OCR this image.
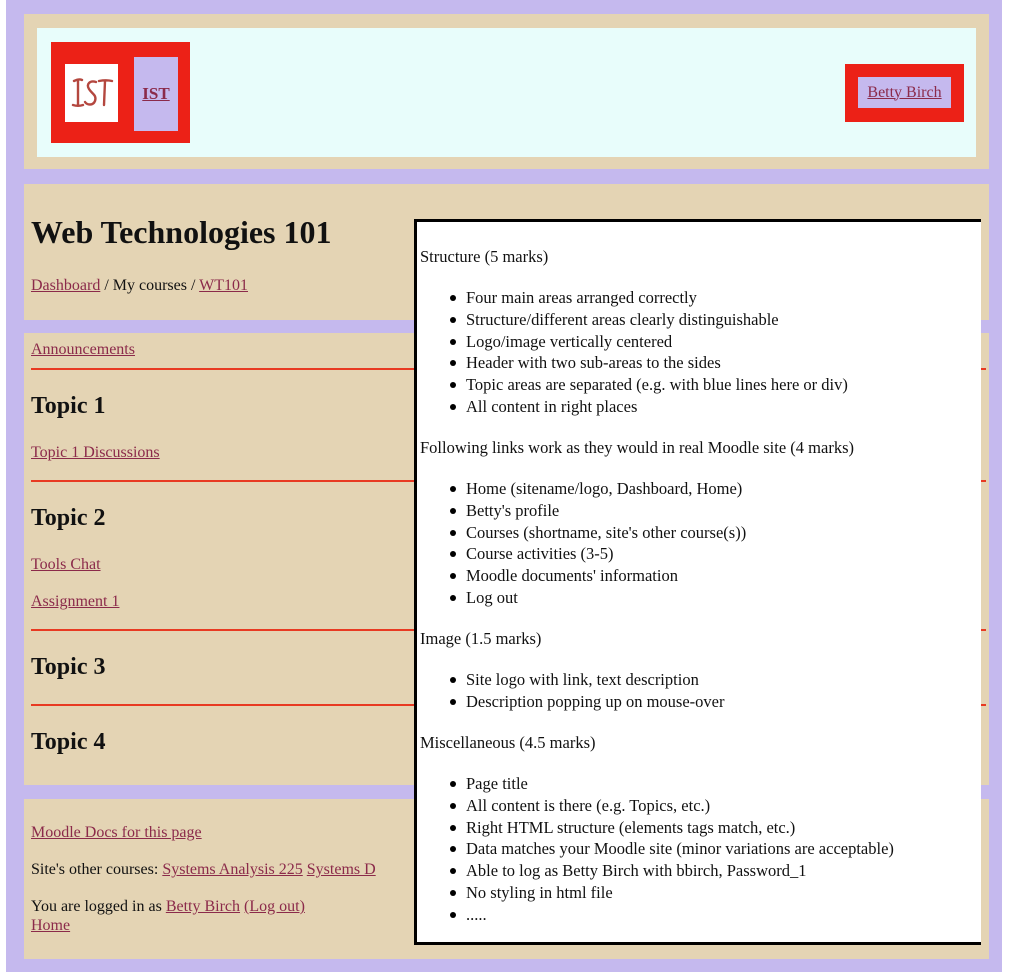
IST	Betty Birch
Web Technologies 101
Dashboard / My courses / WT101
Announcements
Topic 1
Topic 1 Discussions
Topic 2
Tools Chat
Assignment 1
Topic 3
Topic 4
Moodle Docs for this page
Site's other courses: Systems Analysis 225 Systems D
You are logged in as Betty Birch (Log out)
Home
Structure (5 marks)
Four main areas arranged correctly
Structure/different areas clearly distinguishable
Logo/image vertically centered
Header with two sub-areas to the sides
Topic areas are separated (e.g. with blue lines here or div)
All content in right places
Following links work as they would in real Moodle site (4 marks)
Home (sitename/logo, Dashboard, Home)
Betty's profile
Courses (shortname, site's other course(s))
Course activities (3-5)
Moodle documents' information
Log out
Image (1.5 marks)
Site logo with link, text description
Description popping up on mouse-over
Miscellaneous (4.5 marks)
Page title
All content is there (e.g. Topics, etc.)
Right HTML structure (elements tags match, etc.)
Data matches your Moodle site (minor variations are acceptable)
Able to log as Betty Birch with bbirch, Password_1
No styling in html file
.....
